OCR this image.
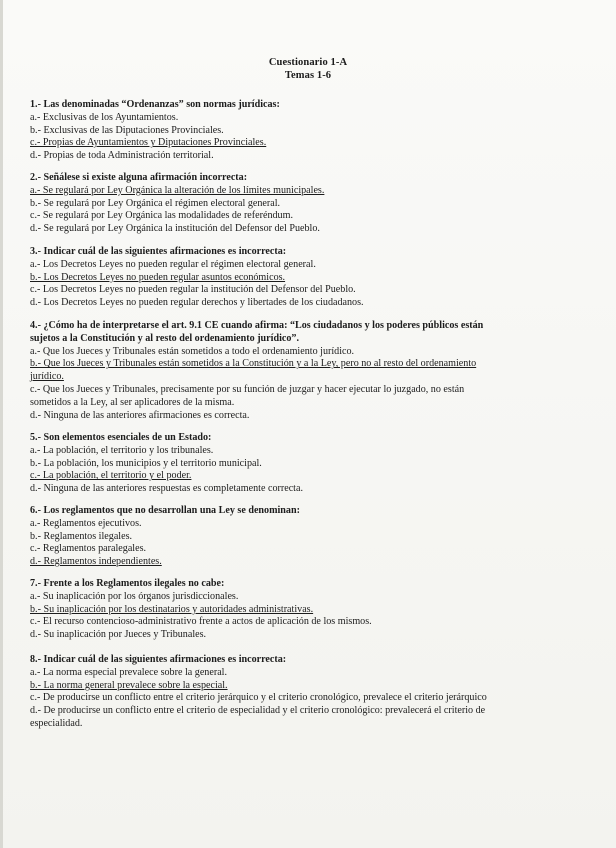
Cuestionario 1-A
Temas 1-6
1.- Las denominadas “Ordenanzas” son normas jurídicas:
a.- Exclusivas de los Ayuntamientos.
b.- Exclusivas de las Diputaciones Provinciales.
c.- Propias de Ayuntamientos y Diputaciones Provinciales.
d.- Propias de toda Administración territorial.
2.- Señálese si existe alguna afirmación incorrecta:
a.- Se regulará por Ley Orgánica la alteración de los límites municipales.
b.- Se regulará por Ley Orgánica el régimen electoral general.
c.- Se regulará por Ley Orgánica las modalidades de referéndum.
d.- Se regulará por Ley Orgánica la institución del Defensor del Pueblo.
3.- Indicar cuál de las siguientes afirmaciones es incorrecta:
a.- Los Decretos Leyes no pueden regular el régimen electoral general.
b.- Los Decretos Leyes no pueden regular asuntos económicos.
c.- Los Decretos Leyes no pueden regular la institución del Defensor del Pueblo.
d.- Los Decretos Leyes no pueden regular derechos y libertades de los ciudadanos.
4.- ¿Cómo ha de interpretarse el art. 9.1 CE cuando afirma: “Los ciudadanos y los poderes públicos están
sujetos a la Constitución y al resto del ordenamiento jurídico”.
a.- Que los Jueces y Tribunales están sometidos a todo el ordenamiento jurídico.
b.- Que los Jueces y Tribunales están sometidos a la Constitución y a la Ley, pero no al resto del ordenamiento
jurídico.
c.- Que los Jueces y Tribunales, precisamente por su función de juzgar y hacer ejecutar lo juzgado, no están
sometidos a la Ley, al ser aplicadores de la misma.
d.- Ninguna de las anteriores afirmaciones es correcta.
5.- Son elementos esenciales de un Estado:
a.- La población, el territorio y los tribunales.
b.- La población, los municipios y el territorio municipal.
c.- La población, el territorio y el poder.
d.- Ninguna de las anteriores respuestas es completamente correcta.
6.- Los reglamentos que no desarrollan una Ley se denominan:
a.- Reglamentos ejecutivos.
b.- Reglamentos ilegales.
c.- Reglamentos paralegales.
d.- Reglamentos independientes.
7.- Frente a los Reglamentos ilegales no cabe:
a.- Su inaplicación por los órganos jurisdiccionales.
b.- Su inaplicación por los destinatarios y autoridades administrativas.
c.- El recurso contencioso-administrativo frente a actos de aplicación de los mismos.
d.- Su inaplicación por Jueces y Tribunales.
8.- Indicar cuál de las siguientes afirmaciones es incorrecta:
a.- La norma especial prevalece sobre la general.
b.- La norma general prevalece sobre la especial.
c.- De producirse un conflicto entre el criterio jerárquico y el criterio cronológico, prevalece el criterio jerárquico
d.- De producirse un conflicto entre el criterio de especialidad y el criterio cronológico: prevalecerá el criterio de
especialidad.
